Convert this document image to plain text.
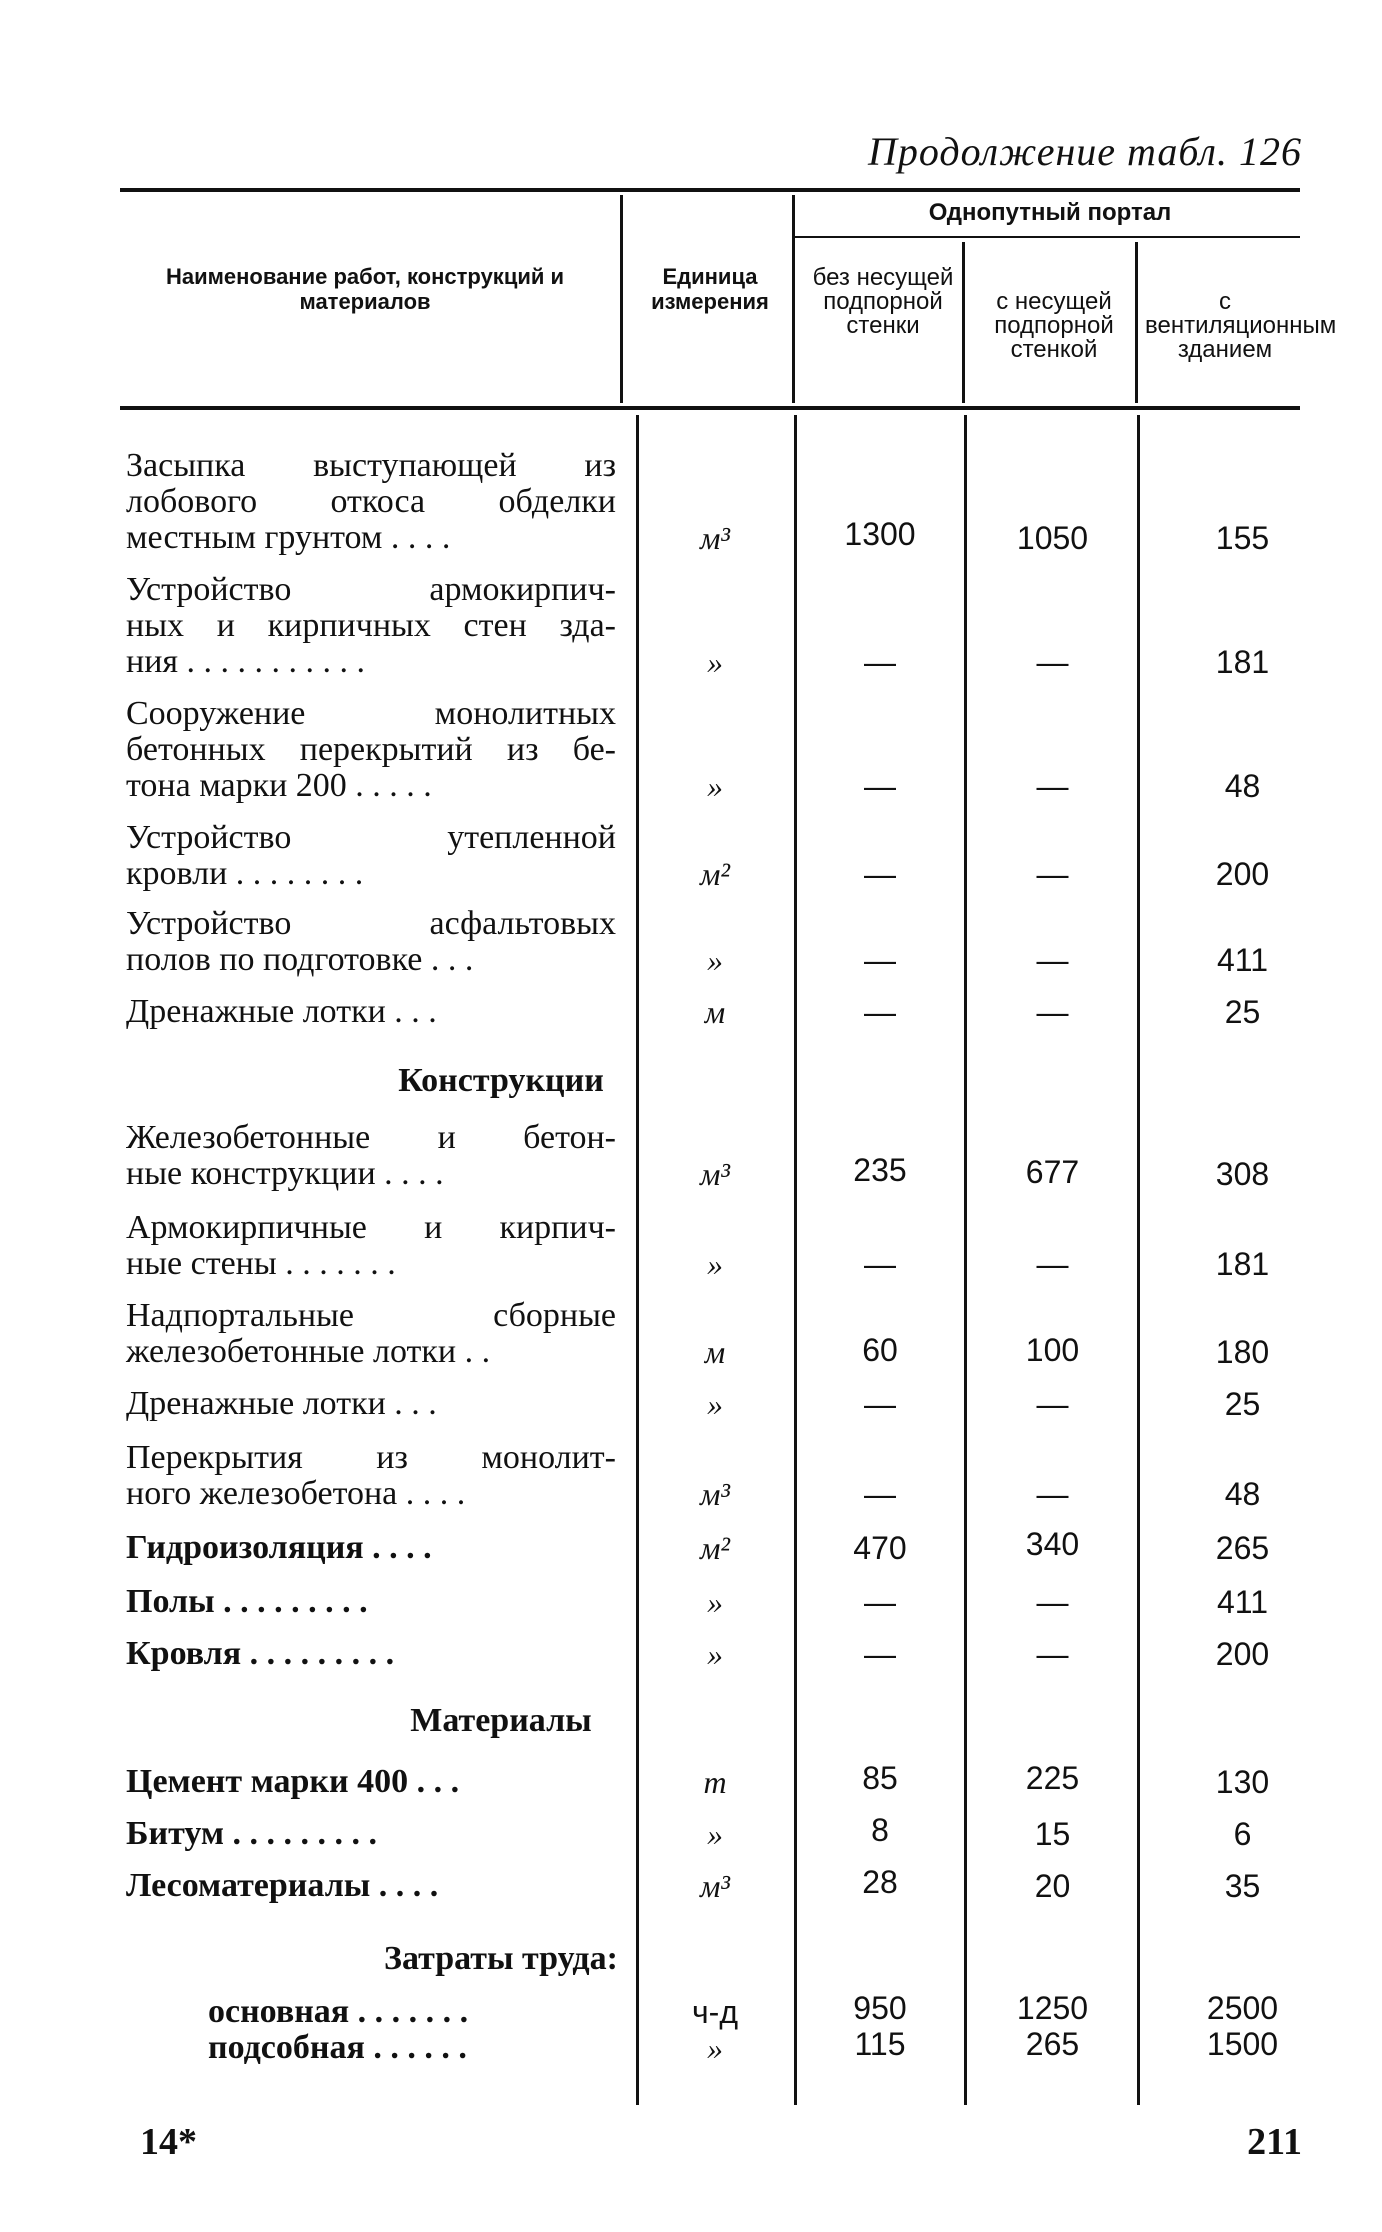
Продолжение табл. 126
Наименование работ, конструкций и материалов
Единица измерения
Однопутный портал
без несущей подпорной стенки
с несущей подпорной стенкой
с вентиляционным зданием
Засыпка выступающей из
лобового откоса обделки
местным грунтом . . . .	м³	1300	1050	155
Устройство армокирпич-
ных и кирпичных стен зда-
ния . . . . . . . . . . .	»	—	—	181
Сооружение монолитных
бетонных перекрытий из бе-
тона марки 200 . . . . .	»	—	—	48
Устройство утепленной
кровли . . . . . . . .	м²	—	—	200
Устройство асфальтовых
полов по подготовке . . .	»	—	—	411
Дренажные лотки . . .	м	—	—	25
Конструкции
Железобетонные и бетон-
ные конструкции . . . .	м³	235	677	308
Армокирпичные и кирпич-
ные стены . . . . . . .	»	—	—	181
Надпортальные сборные
железобетонные лотки . .	м	60	100	180
Дренажные лотки . . .	»	—	—	25
Перекрытия из монолит-
ного железобетона . . . .	м³	—	—	48
Гидроизоляция . . . .	м²	470	340	265
Полы . . . . . . . . .	»	—	—	411
Кровля . . . . . . . . .	»	—	—	200
Материалы
Цемент марки 400 . . .	т	85	225	130
Битум . . . . . . . . .	»	8	15	6
Лесоматериалы . . . .	м³	28	20	35
Затраты труда:
основная . . . . . . .	ч-д	950	1250	2500
подсобная . . . . . .	»	115	265	1500
14*	211
